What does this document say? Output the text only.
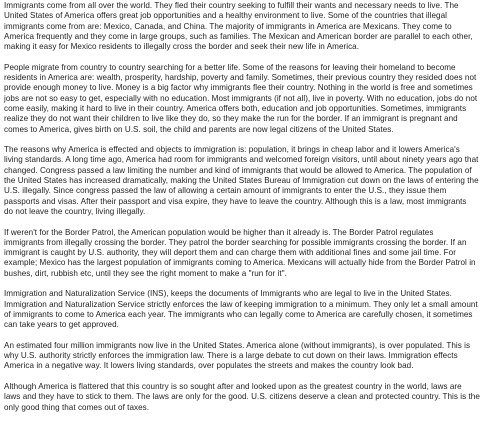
Immigrants come from all over the world. They fled their country seeking to fulfill their wants and necessary needs to live. The
United States of America offers great job opportunities and a healthy environment to live. Some of the countries that illegal
immigrants come from are: Mexico, Canada, and China. The majority of immigrants in America are Mexicans. They come to
America frequently and they come in large groups, such as families. The Mexican and American border are parallel to each other,
making it easy for Mexico residents to illegally cross the border and seek their new life in America.
People migrate from country to country searching for a better life. Some of the reasons for leaving their homeland to become
residents in America are: wealth, prosperity, hardship, poverty and family. Sometimes, their previous country they resided does not
provide enough money to live. Money is a big factor why immigrants flee their country. Nothing in the world is free and sometimes
jobs are not so easy to get, especially with no education. Most immigrants (if not all), live in poverty. With no education, jobs do not
come easily, making it hard to live in their country. America offers both, education and job opportunities. Sometimes, immigrants
realize they do not want their children to live like they do, so they make the run for the border. If an immigrant is pregnant and
comes to America, gives birth on U.S. soil, the child and parents are now legal citizens of the United States.
The reasons why America is effected and objects to immigration is: population, it brings in cheap labor and it lowers America's
living standards. A long time ago, America had room for immigrants and welcomed foreign visitors, until about ninety years ago that
changed. Congress passed a law limiting the number and kind of immigrants that would be allowed to America. The population of
the United States has increased dramatically, making the United States Bureau of Immigration cut down on the laws of entering the
U.S. illegally. Since congress passed the law of allowing a certain amount of immigrants to enter the U.S., they issue them
passports and visas. After their passport and visa expire, they have to leave the country. Although this is a law, most immigrants
do not leave the country, living illegally.
If weren't for the Border Patrol, the American population would be higher than it already is. The Border Patrol regulates
immigrants from illegally crossing the border. They patrol the border searching for possible immigrants crossing the border. If an
immigrant is caught by U.S. authority, they will deport them and can charge them with additional fines and some jail time. For
example; Mexico has the largest population of immigrants coming to America. Mexicans will actually hide from the Border Patrol in
bushes, dirt, rubbish etc, until they see the right moment to make a "run for it".
Immigration and Naturalization Service (INS), keeps the documents of Immigrants who are legal to live in the United States.
Immigration and Naturalization Service strictly enforces the law of keeping immigration to a minimum. They only let a small amount
of immigrants to come to America each year. The immigrants who can legally come to America are carefully chosen, it sometimes
can take years to get approved.
An estimated four million immigrants now live in the United States. America alone (without immigrants), is over populated. This is
why U.S. authority strictly enforces the immigration law. There is a large debate to cut down on their laws. Immigration effects
America in a negative way. It lowers living standards, over populates the streets and makes the country look bad.
Although America is flattered that this country is so sought after and looked upon as the greatest country in the world, laws are
laws and they have to stick to them. The laws are only for the good. U.S. citizens deserve a clean and protected country. This is the
only good thing that comes out of taxes.
